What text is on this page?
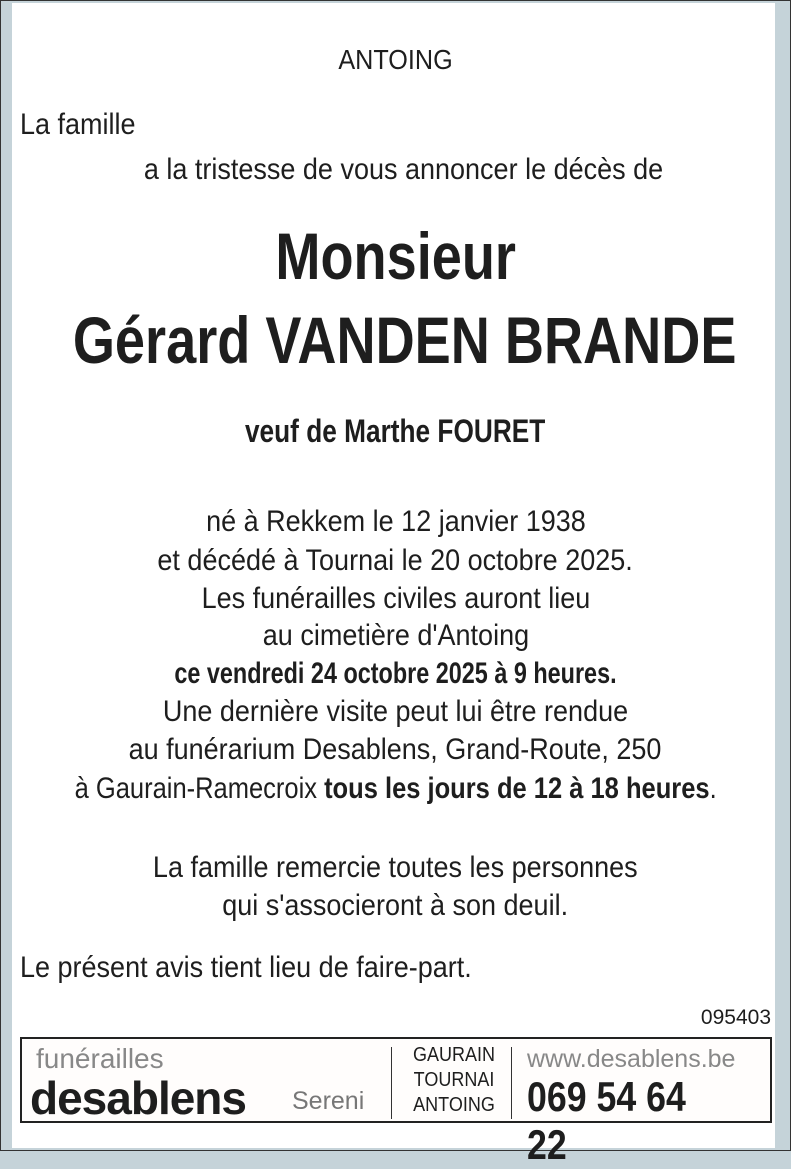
ANTOING
La famille
a la tristesse de vous annoncer le décès de
Monsieur
Gérard VANDEN BRANDE
veuf de Marthe FOURET
né à Rekkem le 12 janvier 1938
et décédé à Tournai le 20 octobre 2025.
Les funérailles civiles auront lieu
au cimetière d'Antoing
ce vendredi 24 octobre 2025 à 9 heures.
Une dernière visite peut lui être rendue
au funérarium Desablens, Grand-Route, 250
à Gaurain-Ramecroix tous les jours de 12 à 18 heures.
La famille remercie toutes les personnes
qui s'associeront à son deuil.
Le présent avis tient lieu de faire-part.
095403
funérailles
desablens Sereni
GAURAIN
TOURNAI
ANTOING
www.desablens.be
069 54 64 22
